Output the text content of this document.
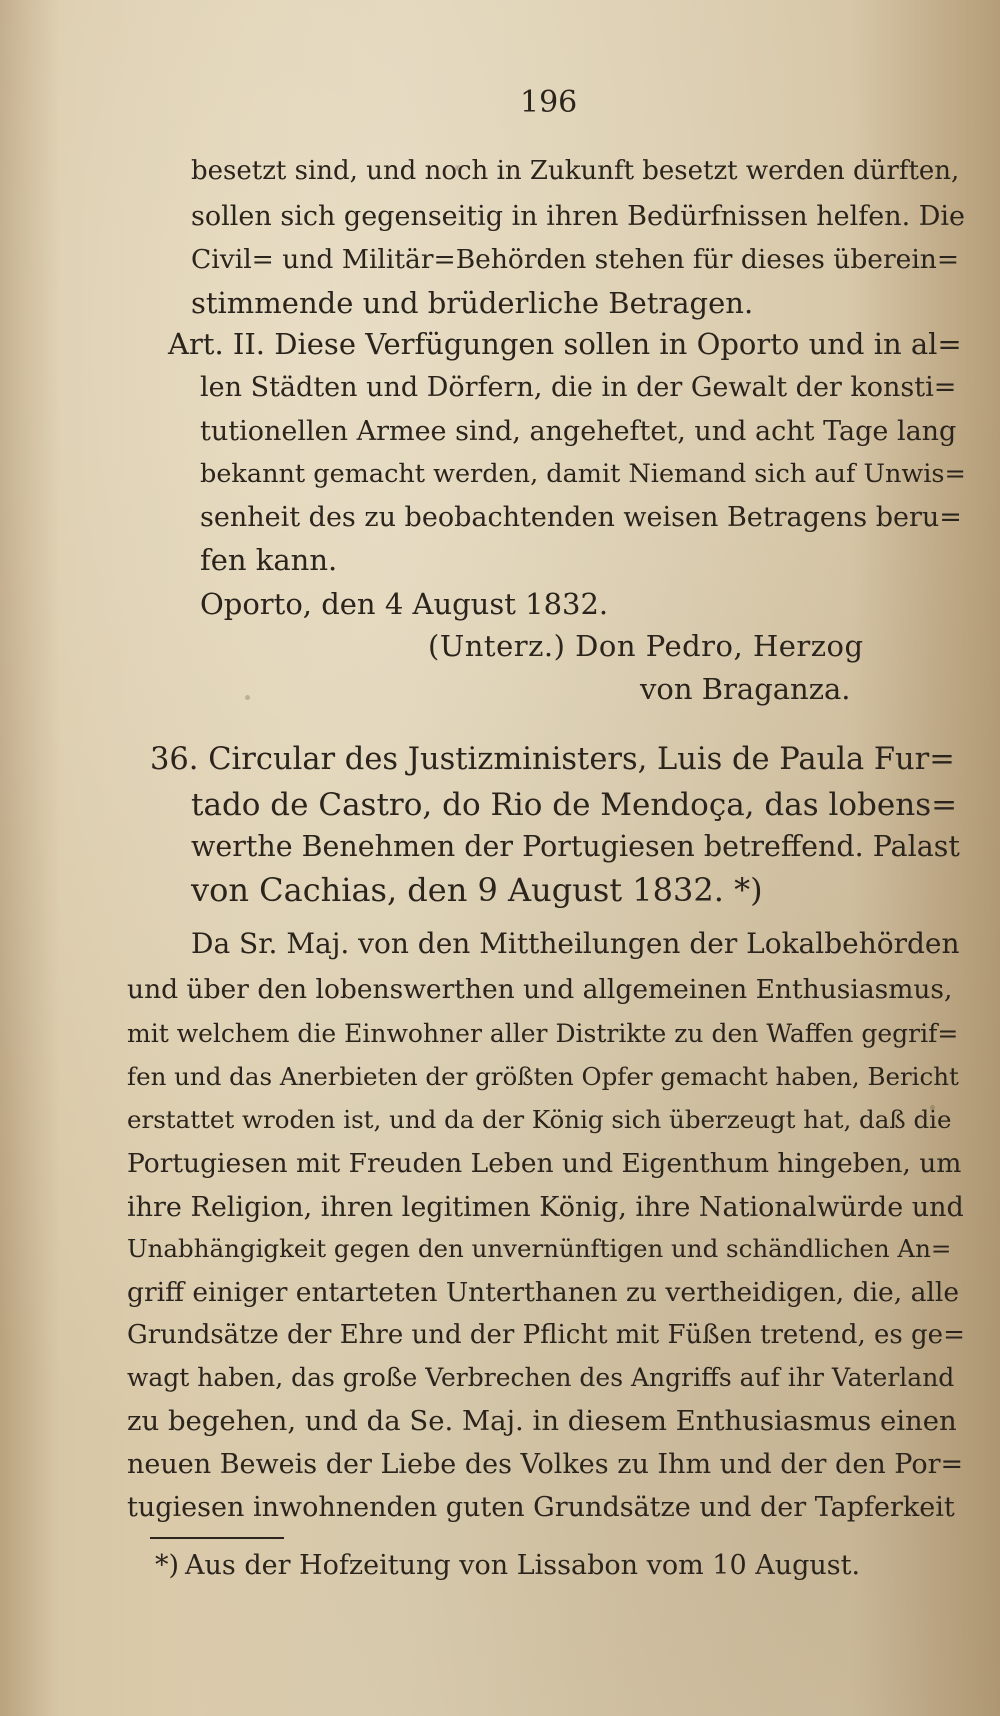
196
besetzt sind, und noch in Zukunft besetzt werden dürften,
sollen sich gegenseitig in ihren Bedürfnissen helfen. Die
Civil= und Militär=Behörden stehen für dieses überein=
stimmende und brüderliche Betragen.
Art. II. Diese Verfügungen sollen in Oporto und in al=
len Städten und Dörfern, die in der Gewalt der konsti=
tutionellen Armee sind, angeheftet, und acht Tage lang
bekannt gemacht werden, damit Niemand sich auf Unwis=
senheit des zu beobachtenden weisen Betragens beru=
fen kann.
Oporto, den 4 August 1832.
(Unterz.) Don Pedro, Herzog
von Braganza.
36. Circular des Justizministers, Luis de Paula Fur=
tado de Castro, do Rio de Mendoça, das lobens=
werthe Benehmen der Portugiesen betreffend. Palast
von Cachias, den 9 August 1832. *)
Da Sr. Maj. von den Mittheilungen der Lokalbehörden
und über den lobenswerthen und allgemeinen Enthusiasmus,
mit welchem die Einwohner aller Distrikte zu den Waffen gegrif=
fen und das Anerbieten der größten Opfer gemacht haben, Bericht
erstattet wroden ist, und da der König sich überzeugt hat, daß die
Portugiesen mit Freuden Leben und Eigenthum hingeben, um
ihre Religion, ihren legitimen König, ihre Nationalwürde und
Unabhängigkeit gegen den unvernünftigen und schändlichen An=
griff einiger entarteten Unterthanen zu vertheidigen, die, alle
Grundsätze der Ehre und der Pflicht mit Füßen tretend, es ge=
wagt haben, das große Verbrechen des Angriffs auf ihr Vaterland
zu begehen, und da Se. Maj. in diesem Enthusiasmus einen
neuen Beweis der Liebe des Volkes zu Ihm und der den Por=
tugiesen inwohnenden guten Grundsätze und der Tapferkeit
*) Aus der Hofzeitung von Lissabon vom 10 August.
